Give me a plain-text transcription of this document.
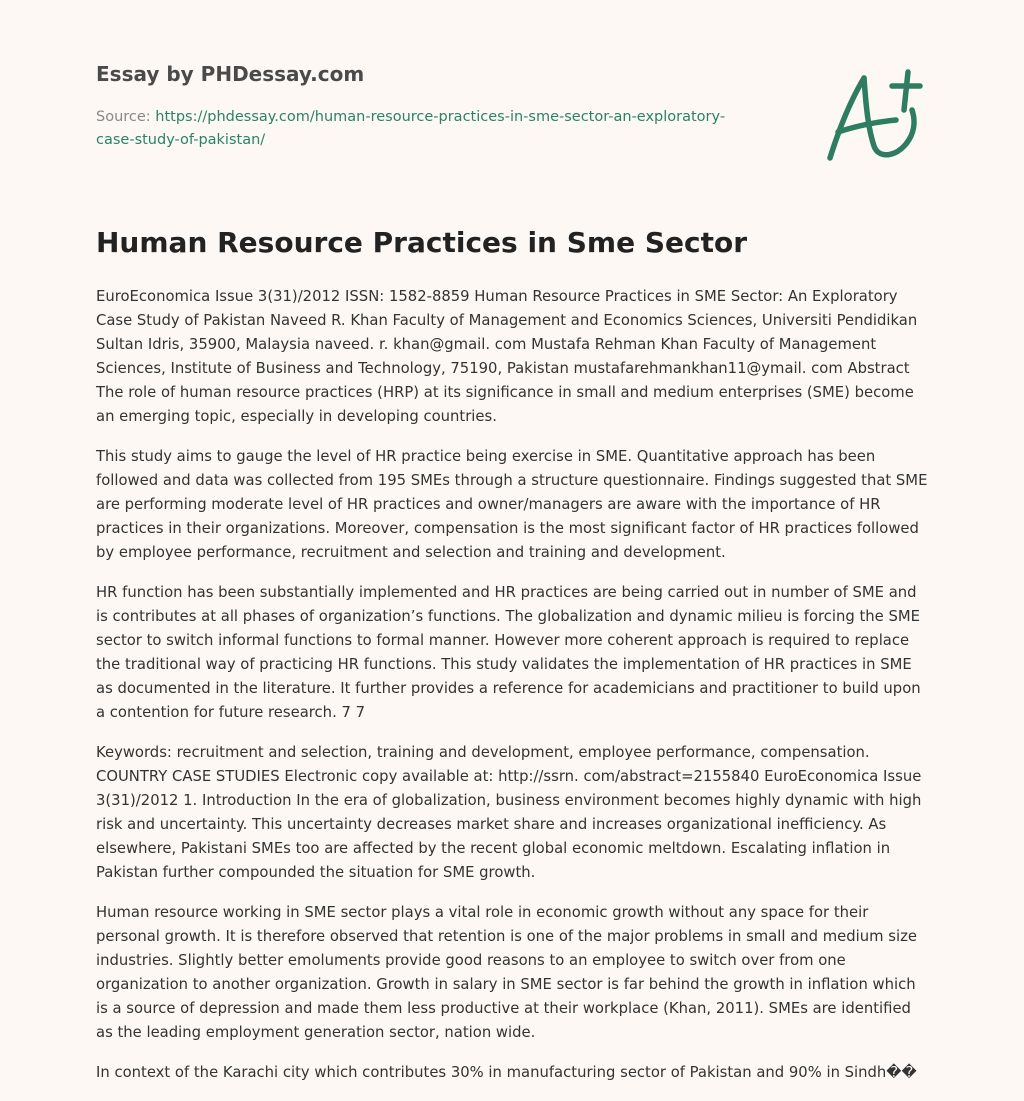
Essay by PHDessay.com
Source: https://phdessay.com/human-resource-practices-in-sme-sector-an-exploratory-
case-study-of-pakistan/
Human Resource Practices in Sme Sector

EuroEconomica Issue 3(31)/2012 ISSN: 1582-8859 Human Resource Practices in SME Sector: An Exploratory Case Study of Pakistan Naveed R. Khan Faculty of Management and Economics Sciences, Universiti Pendidikan Sultan Idris, 35900, Malaysia naveed. r. khan@gmail. com Mustafa Rehman Khan Faculty of Management Sciences, Institute of Business and Technology, 75190, Pakistan mustafarehmankhan11@ymail. com Abstract The role of human resource practices (HRP) at its significance in small and medium enterprises (SME) become an emerging topic, especially in developing countries.

This study aims to gauge the level of HR practice being exercise in SME. Quantitative approach has been followed and data was collected from 195 SMEs through a structure questionnaire. Findings suggested that SME are performing moderate level of HR practices and owner/managers are aware with the importance of HR practices in their organizations. Moreover, compensation is the most significant factor of HR practices followed by employee performance, recruitment and selection and training and development.

HR function has been substantially implemented and HR practices are being carried out in number of SME and is contributes at all phases of organization’s functions. The globalization and dynamic milieu is forcing the SME sector to switch informal functions to formal manner. However more coherent approach is required to replace the traditional way of practicing HR functions. This study validates the implementation of HR practices in SME as documented in the literature. It further provides a reference for academicians and practitioner to build upon a contention for future research. 7 7

Keywords: recruitment and selection, training and development, employee performance, compensation. COUNTRY CASE STUDIES Electronic copy available at: http://ssrn. com/abstract=2155840 EuroEconomica Issue 3(31)/2012 1. Introduction In the era of globalization, business environment becomes highly dynamic with high risk and uncertainty. This uncertainty decreases market share and increases organizational inefficiency. As elsewhere, Pakistani SMEs too are affected by the recent global economic meltdown. Escalating inflation in Pakistan further compounded the situation for SME growth.

Human resource working in SME sector plays a vital role in economic growth without any space for their personal growth. It is therefore observed that retention is one of the major problems in small and medium size industries. Slightly better emoluments provide good reasons to an employee to switch over from one organization to another organization. Growth in salary in SME sector is far behind the growth in inflation which is a source of depression and made them less productive at their workplace (Khan, 2011). SMEs are identified as the leading employment generation sector, nation wide.

In context of the Karachi city which contributes 30% in manufacturing sector of Pakistan and 90% in Sindh��
